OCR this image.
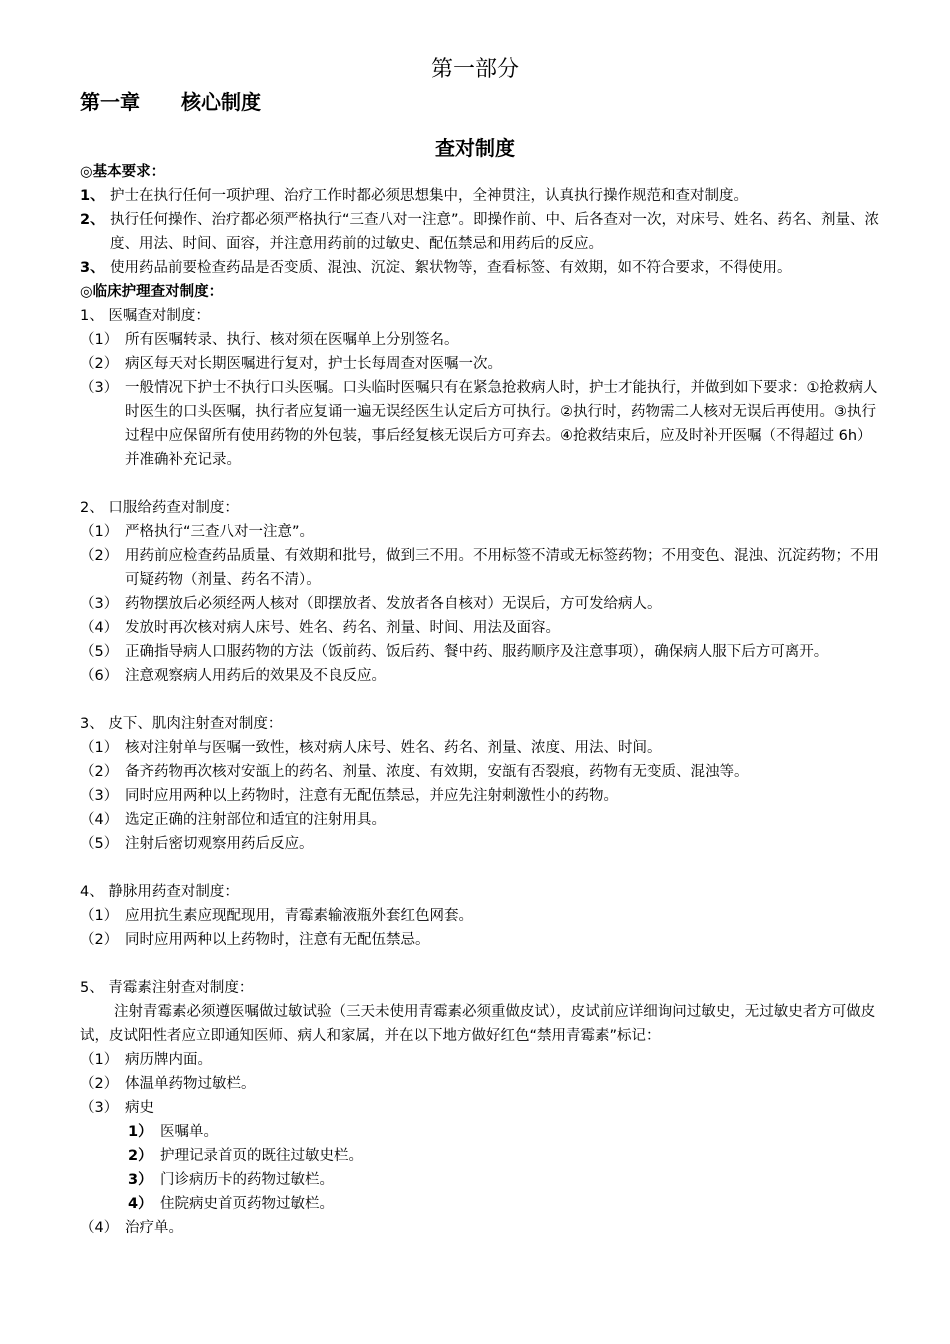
第一部分
第一章 核心制度
查对制度
◎基本要求：
1、 护士在执行任何一项护理、治疗工作时都必须思想集中，全神贯注，认真执行操作规范和查对制度。
2、 执行任何操作、治疗都必须严格执行“三查八对一注意”。即操作前、中、后各查对一次，对床号、姓名、药名、剂量、浓度、用法、时间、面容，并注意用药前的过敏史、配伍禁忌和用药后的反应。
3、 使用药品前要检查药品是否变质、混浊、沉淀、絮状物等，查看标签、有效期，如不符合要求，不得使用。
◎临床护理查对制度：
1、 医嘱查对制度：
（1） 所有医嘱转录、执行、核对须在医嘱单上分别签名。
（2） 病区每天对长期医嘱进行复对，护士长每周查对医嘱一次。
（3） 一般情况下护士不执行口头医嘱。口头临时医嘱只有在紧急抢救病人时，护士才能执行，并做到如下要求：①抢救病人时医生的口头医嘱，执行者应复诵一遍无误经医生认定后方可执行。②执行时，药物需二人核对无误后再使用。③执行过程中应保留所有使用药物的外包装，事后经复核无误后方可弃去。④抢救结束后，应及时补开医嘱（不得超过 6h）并准确补充记录。
2、 口服给药查对制度：
（1） 严格执行“三查八对一注意”。
（2） 用药前应检查药品质量、有效期和批号，做到三不用。不用标签不清或无标签药物；不用变色、混浊、沉淀药物；不用可疑药物（剂量、药名不清）。
（3） 药物摆放后必须经两人核对（即摆放者、发放者各自核对）无误后，方可发给病人。
（4） 发放时再次核对病人床号、姓名、药名、剂量、时间、用法及面容。
（5） 正确指导病人口服药物的方法（饭前药、饭后药、餐中药、服药顺序及注意事项），确保病人服下后方可离开。
（6） 注意观察病人用药后的效果及不良反应。
3、 皮下、肌肉注射查对制度：
（1） 核对注射单与医嘱一致性，核对病人床号、姓名、药名、剂量、浓度、用法、时间。
（2） 备齐药物再次核对安瓿上的药名、剂量、浓度、有效期，安瓿有否裂痕，药物有无变质、混浊等。
（3） 同时应用两种以上药物时，注意有无配伍禁忌，并应先注射刺激性小的药物。
（4） 选定正确的注射部位和适宜的注射用具。
（5） 注射后密切观察用药后反应。
4、 静脉用药查对制度：
（1） 应用抗生素应现配现用，青霉素输液瓶外套红色网套。
（2） 同时应用两种以上药物时，注意有无配伍禁忌。
5、 青霉素注射查对制度：
注射青霉素必须遵医嘱做过敏试验（三天未使用青霉素必须重做皮试），皮试前应详细询问过敏史，无过敏史者方可做皮试，皮试阳性者应立即通知医师、病人和家属，并在以下地方做好红色“禁用青霉素”标记：
（1） 病历牌内面。
（2） 体温单药物过敏栏。
（3） 病史
1） 医嘱单。
2） 护理记录首页的既往过敏史栏。
3） 门诊病历卡的药物过敏栏。
4） 住院病史首页药物过敏栏。
（4） 治疗单。
